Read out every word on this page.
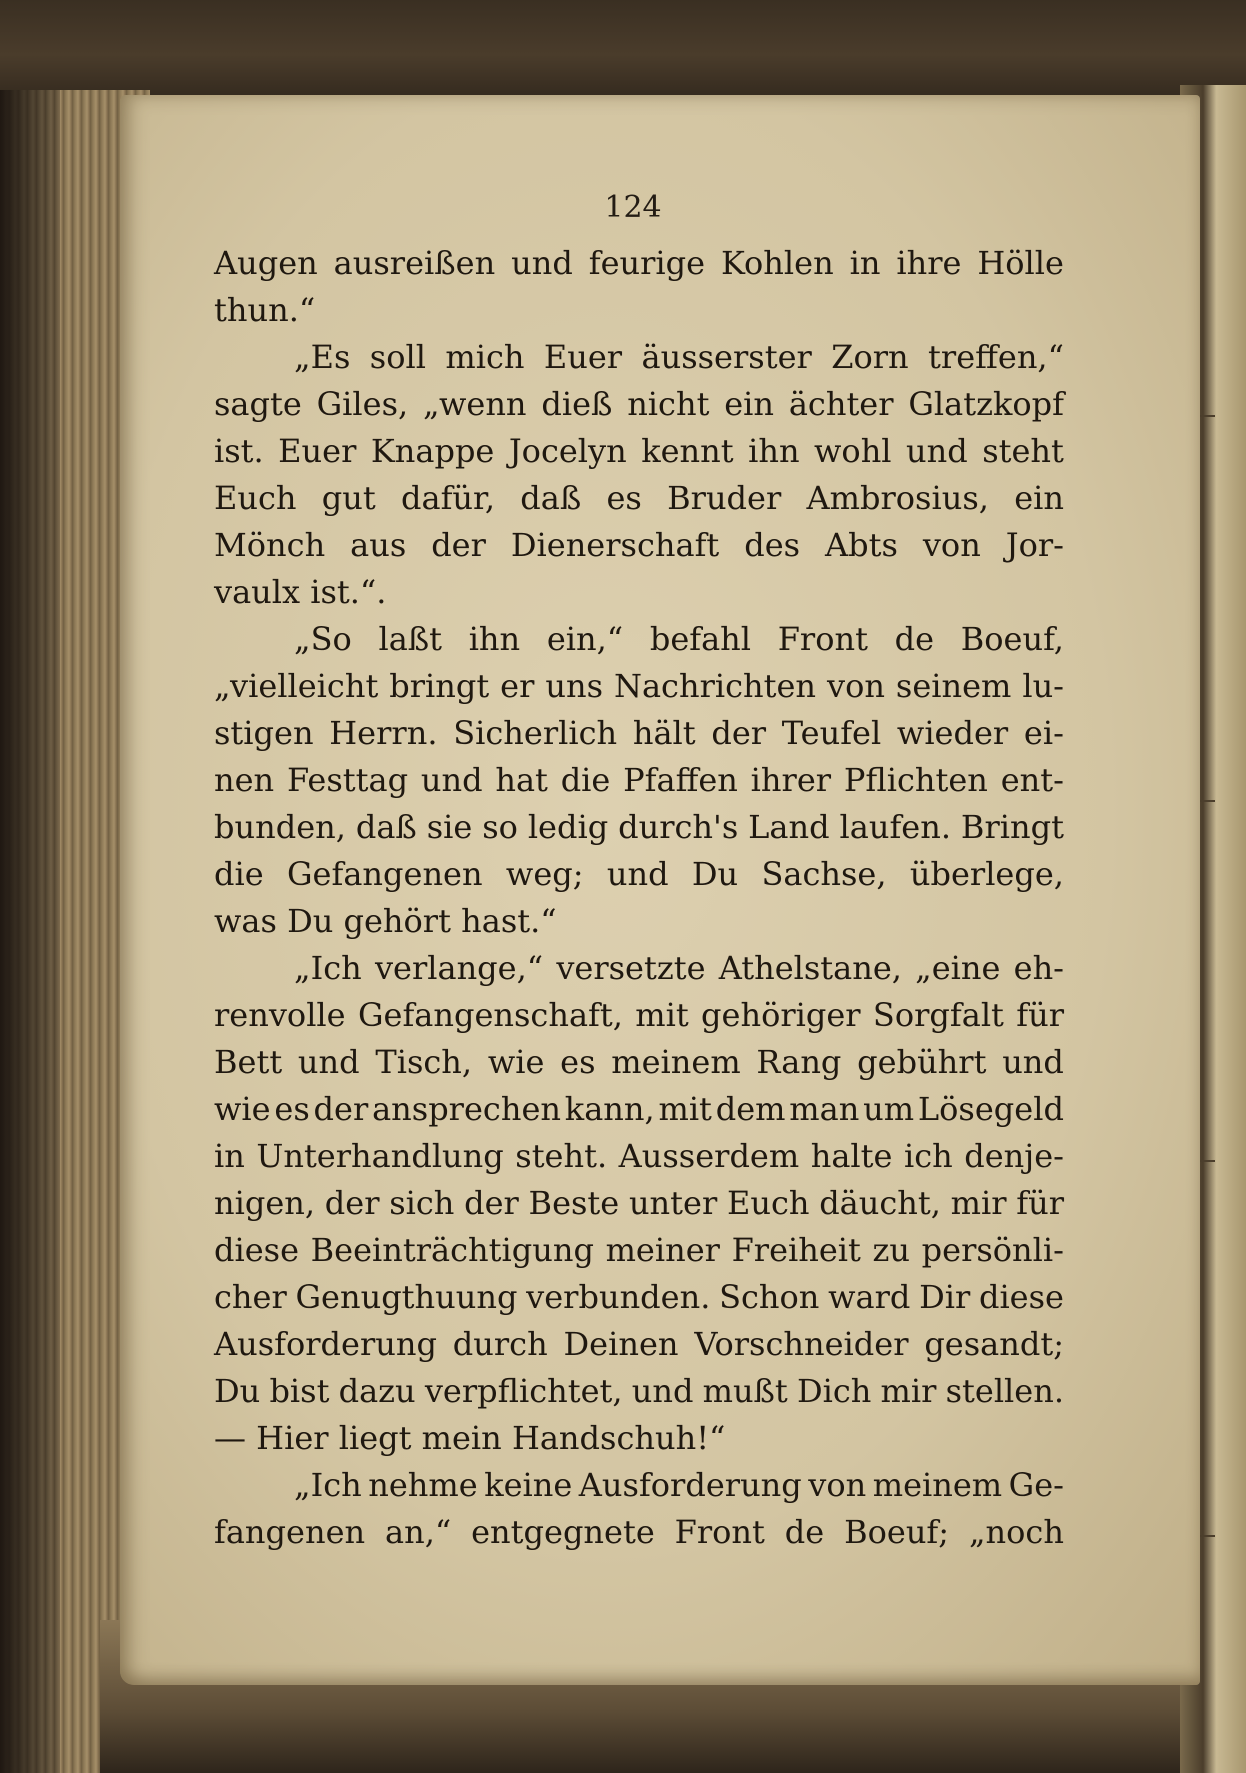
124
Augen ausreißen und feurige Kohlen in ihre Hölle
thun.“
„Es soll mich Euer äusserster Zorn treffen,“
sagte Giles, „wenn dieß nicht ein ächter Glatzkopf
ist. Euer Knappe Jocelyn kennt ihn wohl und steht
Euch gut dafür, daß es Bruder Ambrosius, ein
Mönch aus der Dienerschaft des Abts von Jor-
vaulx ist.“.
„So laßt ihn ein,“ befahl Front de Boeuf,
„vielleicht bringt er uns Nachrichten von seinem lu-
stigen Herrn. Sicherlich hält der Teufel wieder ei-
nen Festtag und hat die Pfaffen ihrer Pflichten ent-
bunden, daß sie so ledig durch's Land laufen. Bringt
die Gefangenen weg; und Du Sachse, überlege,
was Du gehört hast.“
„Ich verlange,“ versetzte Athelstane, „eine eh-
renvolle Gefangenschaft, mit gehöriger Sorgfalt für
Bett und Tisch, wie es meinem Rang gebührt und
wie es der ansprechen kann, mit dem man um Lösegeld
in Unterhandlung steht. Ausserdem halte ich denje-
nigen, der sich der Beste unter Euch däucht, mir für
diese Beeinträchtigung meiner Freiheit zu persönli-
cher Genugthuung verbunden. Schon ward Dir diese
Ausforderung durch Deinen Vorschneider gesandt;
Du bist dazu verpflichtet, und mußt Dich mir stellen.
— Hier liegt mein Handschuh!“
„Ich nehme keine Ausforderung von meinem Ge-
fangenen an,“ entgegnete Front de Boeuf; „noch
